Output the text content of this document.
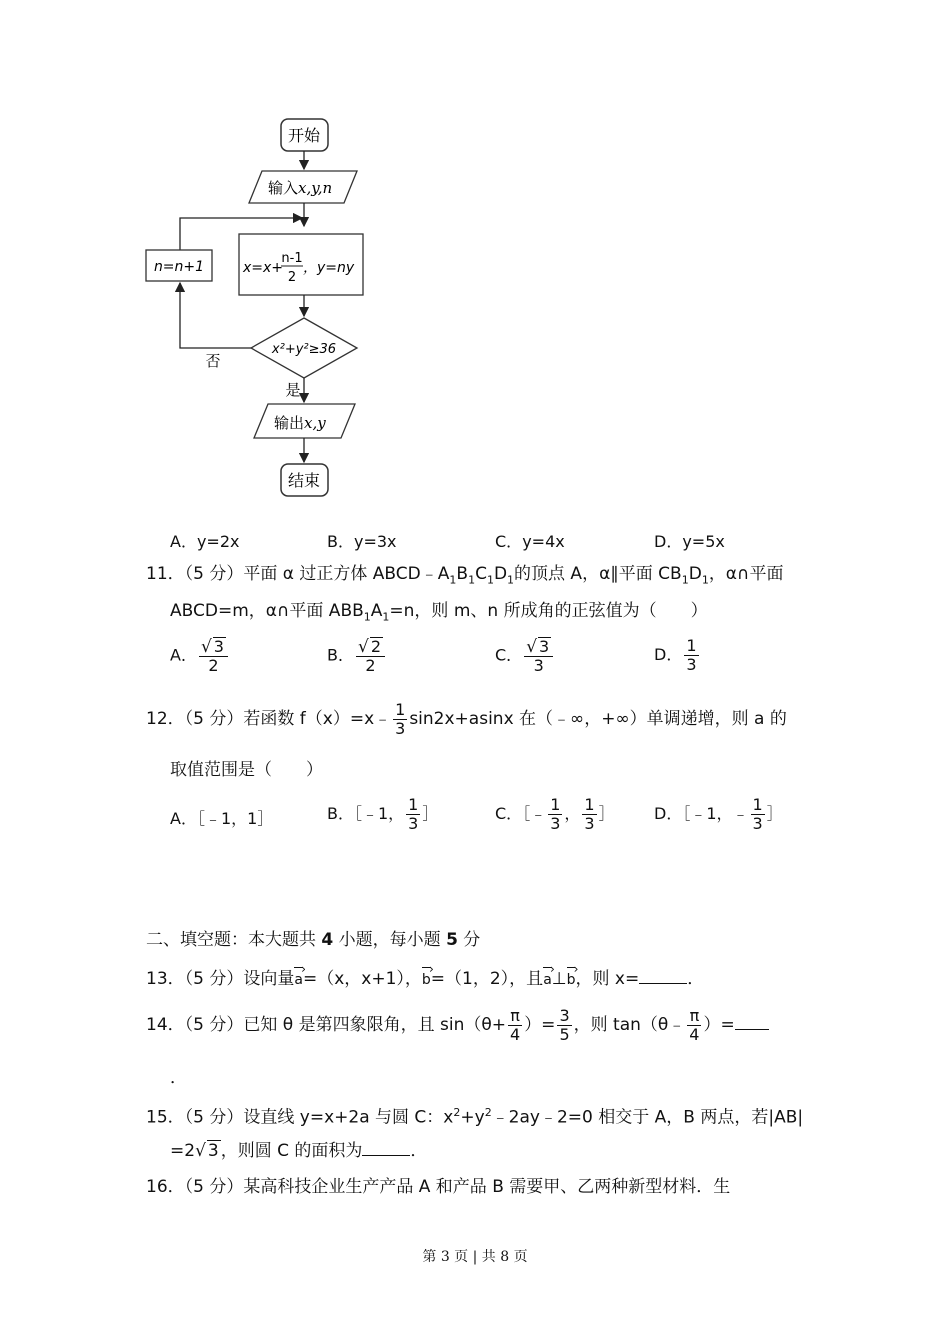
开始
输入x,y,n
n=n+1	x=x+
n-1
2
，y=ny
x²+y²≥36
否
是
输出x,y
结束
A．y=2x	B．y=3x	C．y=4x	D．y=5x
11．（5 分）平面 α 过正方体 $ABCD﹣A_1B_1C_1D_1$的顶点 A，α∥平面 $CB_1D_1$，α∩平面
ABCD=m，α∩平面 $ABB_1A_1=n$，则 m、n 所成角的正弦值为（　　）
A． $\frac{√ 3}{2}$	B． $\frac{√ 2}{2}$	C． $\frac{√ 3}{3}$	D． $\frac{1}{3}$
12．（5 分）若函数 f（x）=x﹣ $\frac{1}{3} \sin 2x+asinx$ 在（﹣∞，+∞）单调递增，则 a 的
取值范围是（　　）
A．［﹣1，1］	B．［﹣1， $\frac{1}{3}$ ］	C．［﹣ $\frac{1}{3}$ ， $\frac{1}{3}$ ］ D．［﹣1，﹣ $\frac{1}{3}$ ］
二、填空题：本大题共 4 小题，每小题 5 分
13．（5 分）设向量a ›=（x，x+1），b ›=（1，2），且a ›⊥b ›，则 x=	．
14．（5 分）已知 θ 是第四象限角，且 $\sin(\theta+ \frac{\pi}{4}$ ）= $\frac{3}{5}$ ，则 tan（θ﹣ $\frac{\pi}{4}$ ）=
．
15．（5 分）设直线 y=x+2a 与圆 C：$x^2+y^2﹣2ay﹣2=0$ 相交于 A，B 两点，若|AB|
=2√ 3 ，则圆 C 的面积为	．
16．（5 分）某高科技企业生产产品 A 和产品 B 需要甲、乙两种新型材料．生
第 3 页 | 共 8 页
